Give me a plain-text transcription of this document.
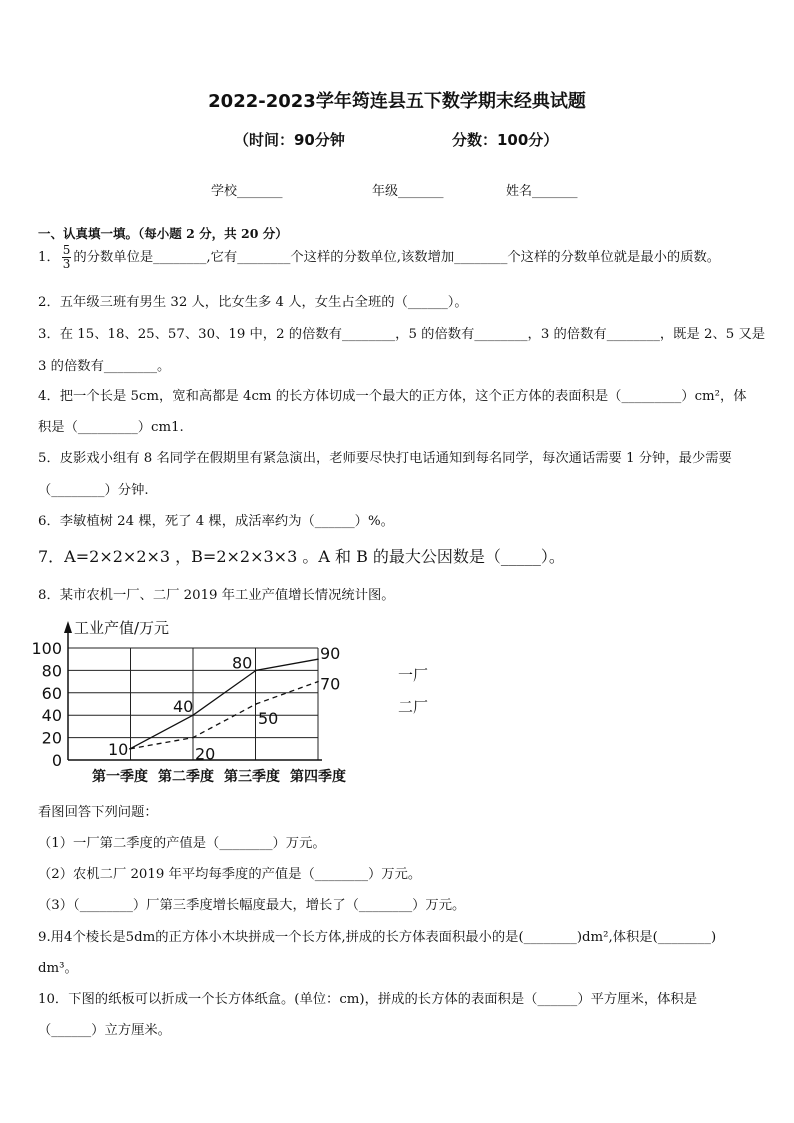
2022-2023学年筠连县五下数学期末经典试题
（时间：90分钟	分数：100分）
学校_______	年级_______	姓名_______
一、认真填一填。（每小题 2 分，共 20 分）
1． $\frac{5}{3}$ 的分数单位是________,它有________个这样的分数单位,该数增加________个这样的分数单位就是最小的质数。
2．五年级三班有男生 32 人，比女生多 4 人，女生占全班的（______）。
3．在 15、18、25、57、30、19 中，2 的倍数有________，5 的倍数有________，3 的倍数有________，既是 2、5 又是
3 的倍数有________。
4．把一个长是 5cm，宽和高都是 4cm 的长方体切成一个最大的正方体，这个正方体的表面积是（_________）cm²，体
积是（_________）cm1.
5．皮影戏小组有 8 名同学在假期里有紧急演出，老师要尽快打电话通知到每名同学，每次通话需要 1 分钟，最少需要
（________）分钟.
6．李敏植树 24 棵，死了 4 棵，成活率约为（______）%。
7．A=2×2×2×3 ，B=2×2×3×3 。A 和 B 的最大公因数是（_____）。
8．某市农机一厂、二厂 2019 年工业产值增长情况统计图。
工业产值/万元
0
20
40
60
80
100
第一季度 第二季度 第三季度 第四季度
10
40
80	90
20
50
70	一厂
二厂
看图回答下列问题：
（1）一厂第二季度的产值是（________）万元。
（2）农机二厂 2019 年平均每季度的产值是（________）万元。
（3）（________）厂第三季度增长幅度最大，增长了（________）万元。
9.用4个棱长是5dm的正方体小木块拼成一个长方体,拼成的长方体表面积最小的是(________)dm²,体积是(________)
dm³。
10．下图的纸板可以折成一个长方体纸盒。(单位：cm)，拼成的长方体的表面积是（______）平方厘米，体积是
（______）立方厘米。
